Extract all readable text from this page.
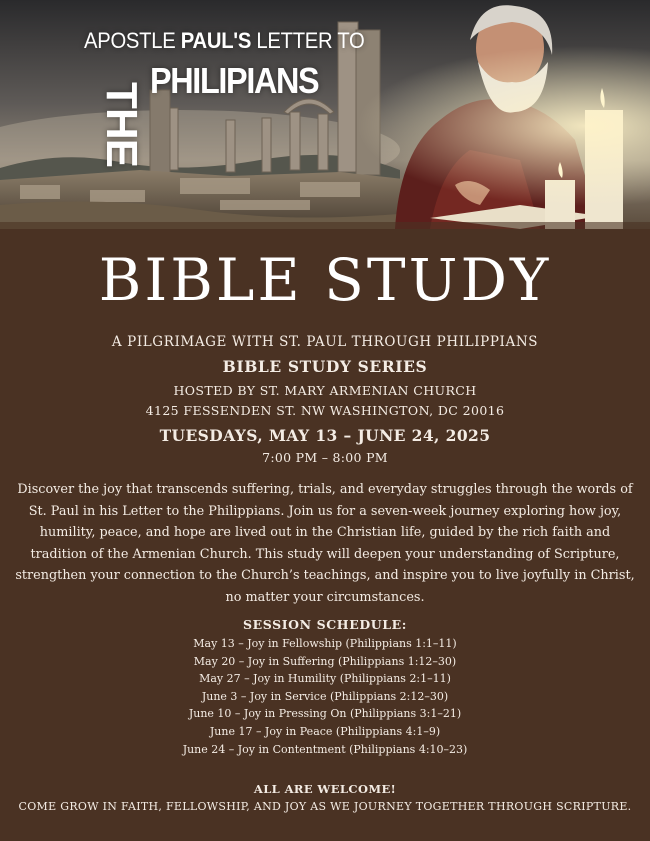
APOSTLE PAUL'S LETTER TO
THE
PHILIPIANS
BIBLE STUDY
A PILGRIMAGE WITH ST. PAUL THROUGH PHILIPPIANS
BIBLE STUDY SERIES
HOSTED BY ST. MARY ARMENIAN CHURCH
4125 FESSENDEN ST. NW WASHINGTON, DC 20016
TUESDAYS, MAY 13 – JUNE 24, 2025
7:00 PM – 8:00 PM

Discover the joy that transcends suffering, trials, and everyday struggles through the words of St. Paul in his Letter to the Philippians. Join us for a seven-week journey exploring how joy, humility, peace, and hope are lived out in the Christian life, guided by the rich faith and tradition of the Armenian Church. This study will deepen your understanding of Scripture, strengthen your connection to the Church’s teachings, and inspire you to live joyfully in Christ, no matter your circumstances.

SESSION SCHEDULE:
May 13 – Joy in Fellowship (Philippians 1:1–11)
May 20 – Joy in Suffering (Philippians 1:12–30)
May 27 – Joy in Humility (Philippians 2:1–11)
June 3 – Joy in Service (Philippians 2:12–30)
June 10 – Joy in Pressing On (Philippians 3:1–21)
June 17 – Joy in Peace (Philippians 4:1–9)
June 24 – Joy in Contentment (Philippians 4:10–23)
ALL ARE WELCOME!
COME GROW IN FAITH, FELLOWSHIP, AND JOY AS WE JOURNEY TOGETHER THROUGH SCRIPTURE.
